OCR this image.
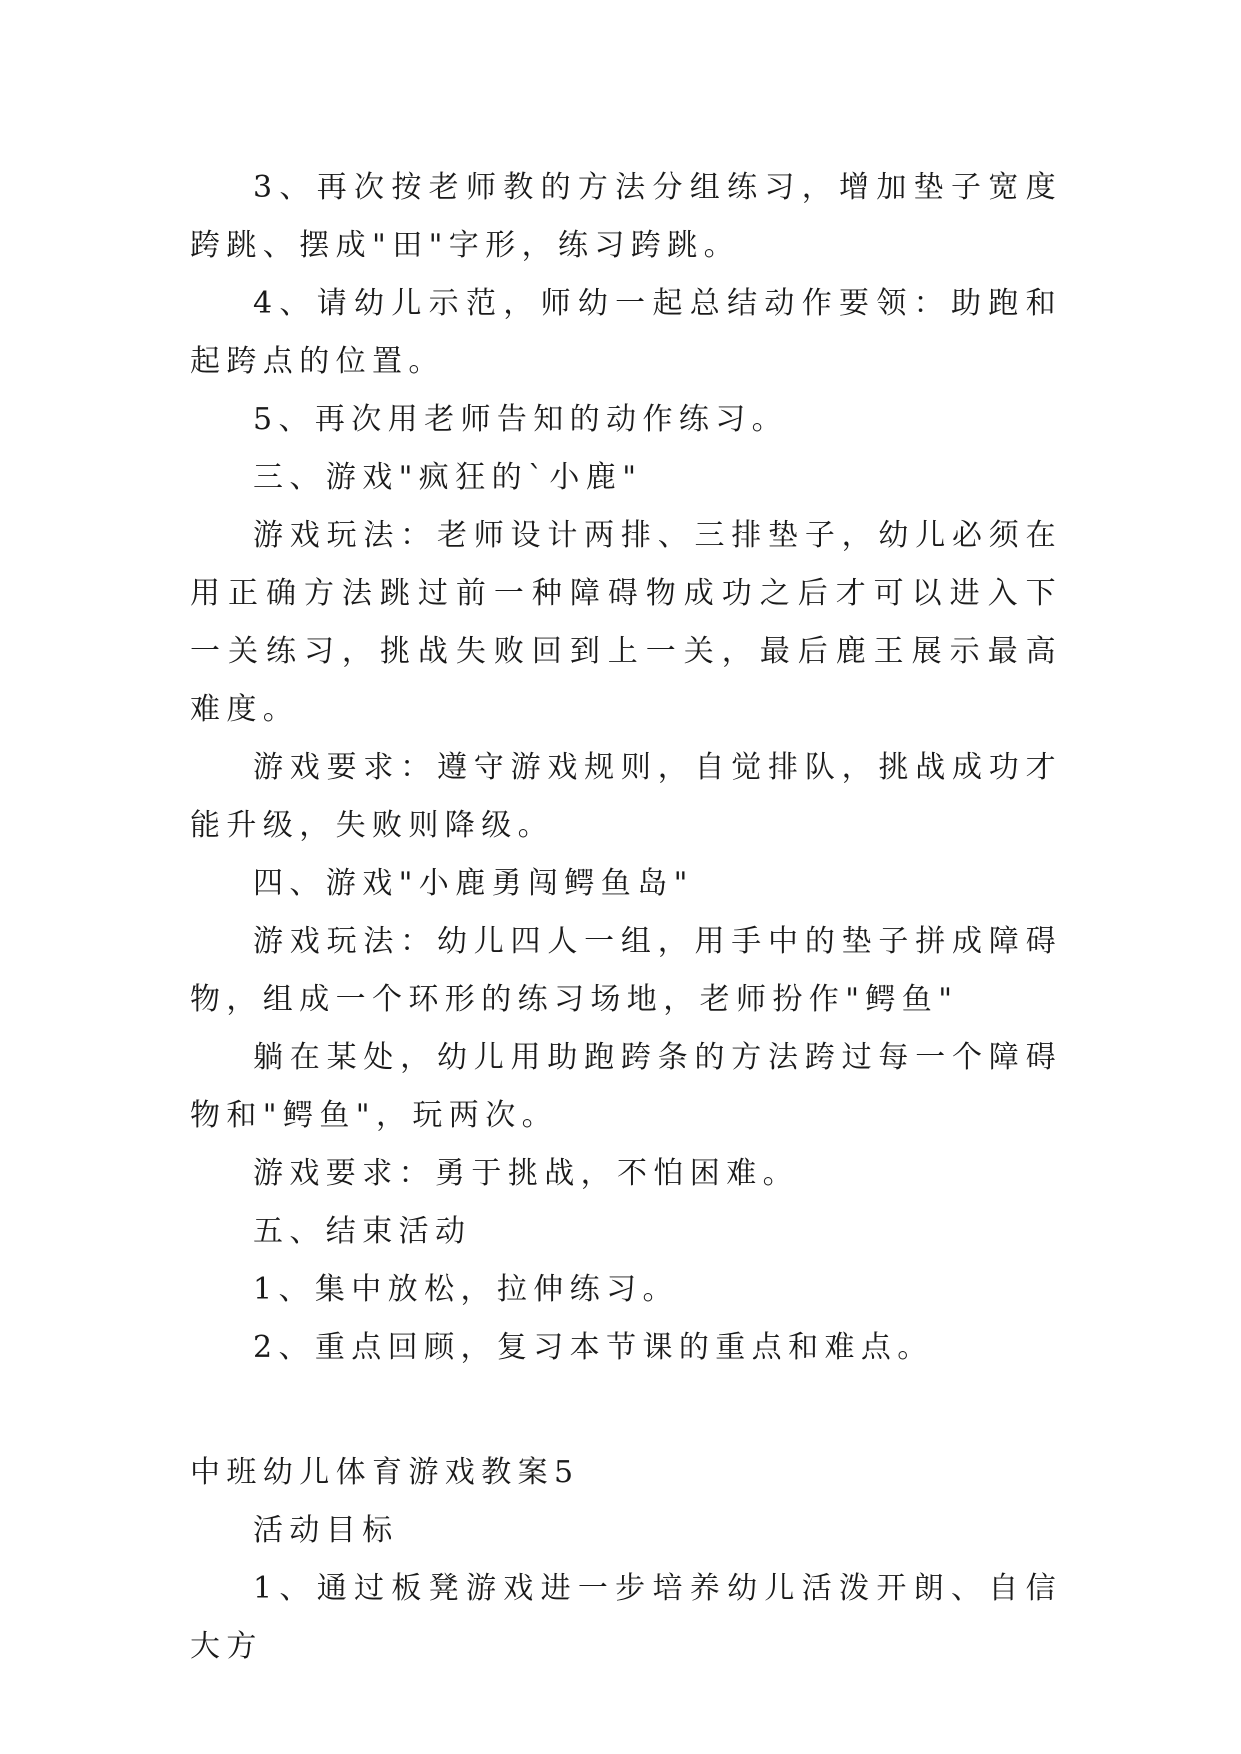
3、再次按老师教的方法分组练习，增加垫子宽度跨跳、摆成"田"字形，练习跨跳。

4、请幼儿示范，师幼一起总结动作要领：助跑和起跨点的位置。

5、再次用老师告知的动作练习。

三、游戏"疯狂的`小鹿"

游戏玩法：老师设计两排、三排垫子，幼儿必须在用正确方法跳过前一种障碍物成功之后才可以进入下一关练习，挑战失败回到上一关，最后鹿王展示最高难度。

游戏要求：遵守游戏规则，自觉排队，挑战成功才能升级，失败则降级。

四、游戏"小鹿勇闯鳄鱼岛"

游戏玩法：幼儿四人一组，用手中的垫子拼成障碍物，组成一个环形的练习场地，老师扮作"鳄鱼"

躺在某处，幼儿用助跑跨条的方法跨过每一个障碍物和"鳄鱼"，玩两次。

游戏要求：勇于挑战，不怕困难。

五、结束活动

1、集中放松，拉伸练习。

2、重点回顾，复习本节课的重点和难点。

中班幼儿体育游戏教案5

活动目标

1、通过板凳游戏进一步培养幼儿活泼开朗、自信大方
